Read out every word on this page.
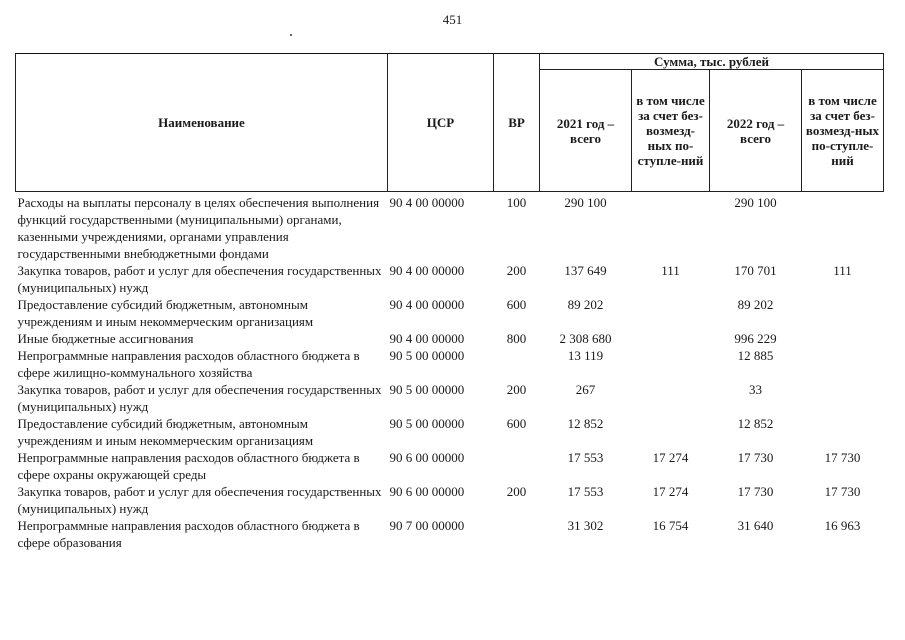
451
Наименование	ЦСР	ВР	Сумма, тыс. рублей			
			2021 год – всего	в том числе за счет без-возмезд-ных по-ступле-ний	2022 год – всего	в том числе за счет без-возмезд-ных по-ступле-ний
Расходы на выплаты персоналу в целях обеспечения выполнения функций государственными (муниципальными) органами, казенными учреждениями, органами управления государственными внебюджетными фондами	90 4 00 00000	100	290 100		290 100	
Закупка товаров, работ и услуг для обеспечения государственных (муниципальных) нужд	90 4 00 00000	200	137 649	111	170 701	111
Предоставление субсидий бюджетным, автономным учреждениям и иным некоммерческим организациям	90 4 00 00000	600	89 202		89 202	
Иные бюджетные ассигнования	90 4 00 00000	800	2 308 680		996 229	
Непрограммные направления расходов областного бюджета в сфере жилищно-коммунального хозяйства	90 5 00 00000		13 119		12 885	
Закупка товаров, работ и услуг для обеспечения государственных (муниципальных) нужд	90 5 00 00000	200	267		33	
Предоставление субсидий бюджетным, автономным учреждениям и иным некоммерческим организациям	90 5 00 00000	600	12 852		12 852	
Непрограммные направления расходов областного бюджета в сфере охраны окружающей среды	90 6 00 00000		17 553	17 274	17 730	17 730
Закупка товаров, работ и услуг для обеспечения государственных (муниципальных) нужд	90 6 00 00000	200	17 553	17 274	17 730	17 730
Непрограммные направления расходов областного бюджета в сфере образования	90 7 00 00000		31 302	16 754	31 640	16 963
